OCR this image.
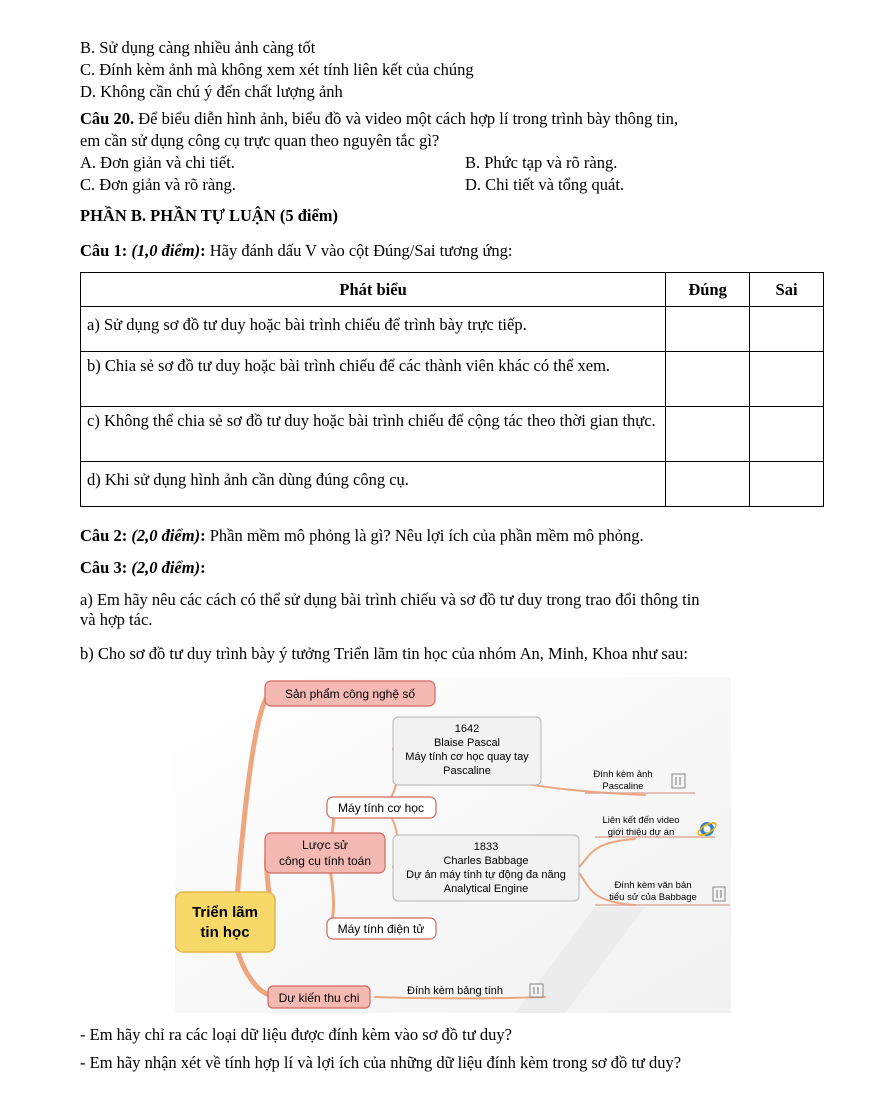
B. Sử dụng càng nhiều ảnh càng tốt
C. Đính kèm ảnh mà không xem xét tính liên kết của chúng
D. Không cần chú ý đến chất lượng ảnh
Câu 20. Để biểu diễn hình ảnh, biểu đồ và video một cách hợp lí trong trình bày thông tin,
em cần sử dụng công cụ trực quan theo nguyên tắc gì?
A. Đơn giản và chi tiết.	B. Phức tạp và rõ ràng.
C. Đơn giản và rõ ràng.	D. Chi tiết và tổng quát.
PHẦN B. PHẦN TỰ LUẬN (5 điểm)
Câu 1: (1,0 điểm): Hãy đánh dấu V vào cột Đúng/Sai tương ứng:
Phát biểu	Đúng	Sai
a) Sử dụng sơ đồ tư duy hoặc bài trình chiếu để trình bày trực tiếp.		
b) Chia sẻ sơ đồ tư duy hoặc bài trình chiếu để các thành viên khác có thể xem.		
c) Không thể chia sẻ sơ đồ tư duy hoặc bài trình chiếu để cộng tác theo thời gian thực.		
d) Khi sử dụng hình ảnh cần dùng đúng công cụ.		
Câu 2: (2,0 điểm): Phần mềm mô phỏng là gì? Nêu lợi ích của phần mềm mô phỏng.
Câu 3: (2,0 điểm):
a) Em hãy nêu các cách có thể sử dụng bài trình chiếu và sơ đồ tư duy trong trao đổi thông tin
và hợp tác.
b) Cho sơ đồ tư duy trình bày ý tưởng Triển lãm tin học của nhóm An, Minh, Khoa như sau:
Triển lãm
tin học
Sản phẩm công nghệ số
Lược sử
công cụ tính toán
Dự kiến thu chi
Máy tính cơ học
Máy tính điện tử
1642
Blaise Pascal
Máy tính cơ học quay tay
Pascaline
1833
Charles Babbage
Dự án máy tính tự động đa năng
Analytical Engine
Đính kèm ảnh
Pascaline
Liên kết đến video
giới thiệu dự án
Đính kèm văn bản
tiểu sử của Babbage
Đính kèm bảng tính
- Em hãy chỉ ra các loại dữ liệu được đính kèm vào sơ đồ tư duy?
- Em hãy nhận xét về tính hợp lí và lợi ích của những dữ liệu đính kèm trong sơ đồ tư duy?
